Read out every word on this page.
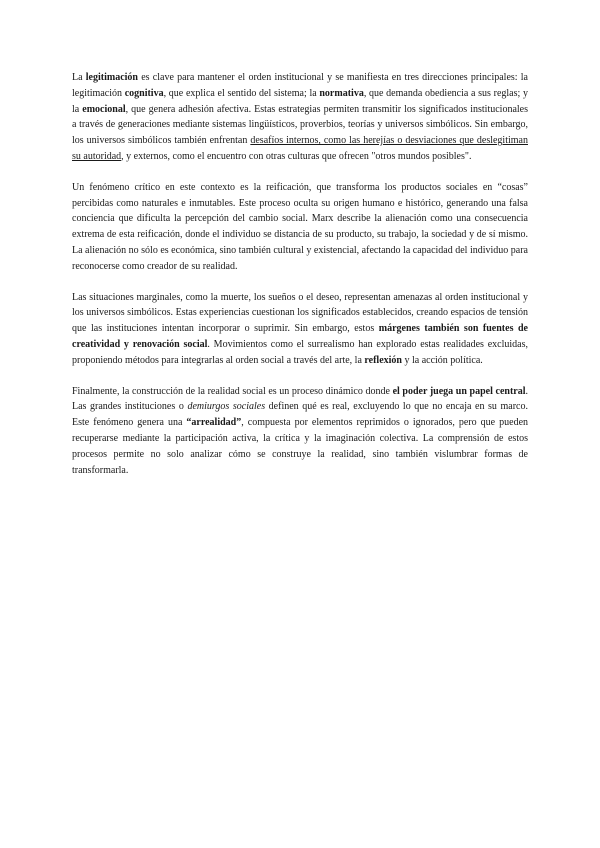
La legitimación es clave para mantener el orden institucional y se manifiesta en tres direcciones principales: la legitimación cognitiva, que explica el sentido del sistema; la normativa, que demanda obediencia a sus reglas; y la emocional, que genera adhesión afectiva. Estas estrategias permiten transmitir los significados institucionales a través de generaciones mediante sistemas lingüísticos, proverbios, teorías y universos simbólicos. Sin embargo, los universos simbólicos también enfrentan desafíos internos, como las herejías o desviaciones que deslegitiman su autoridad, y externos, como el encuentro con otras culturas que ofrecen "otros mundos posibles".

Un fenómeno crítico en este contexto es la reificación, que transforma los productos sociales en “cosas” percibidas como naturales e inmutables. Este proceso oculta su origen humano e histórico, generando una falsa conciencia que dificulta la percepción del cambio social. Marx describe la alienación como una consecuencia extrema de esta reificación, donde el individuo se distancia de su producto, su trabajo, la sociedad y de sí mismo. La alienación no sólo es económica, sino también cultural y existencial, afectando la capacidad del individuo para reconocerse como creador de su realidad.

Las situaciones marginales, como la muerte, los sueños o el deseo, representan amenazas al orden institucional y los universos simbólicos. Estas experiencias cuestionan los significados establecidos, creando espacios de tensión que las instituciones intentan incorporar o suprimir. Sin embargo, estos márgenes también son fuentes de creatividad y renovación social. Movimientos como el surrealismo han explorado estas realidades excluidas, proponiendo métodos para integrarlas al orden social a través del arte, la reflexión y la acción política.

Finalmente, la construcción de la realidad social es un proceso dinámico donde el poder juega un papel central. Las grandes instituciones o demiurgos sociales definen qué es real, excluyendo lo que no encaja en su marco. Este fenómeno genera una “arrealidad”, compuesta por elementos reprimidos o ignorados, pero que pueden recuperarse mediante la participación activa, la crítica y la imaginación colectiva. La comprensión de estos procesos permite no solo analizar cómo se construye la realidad, sino también vislumbrar formas de transformarla.
